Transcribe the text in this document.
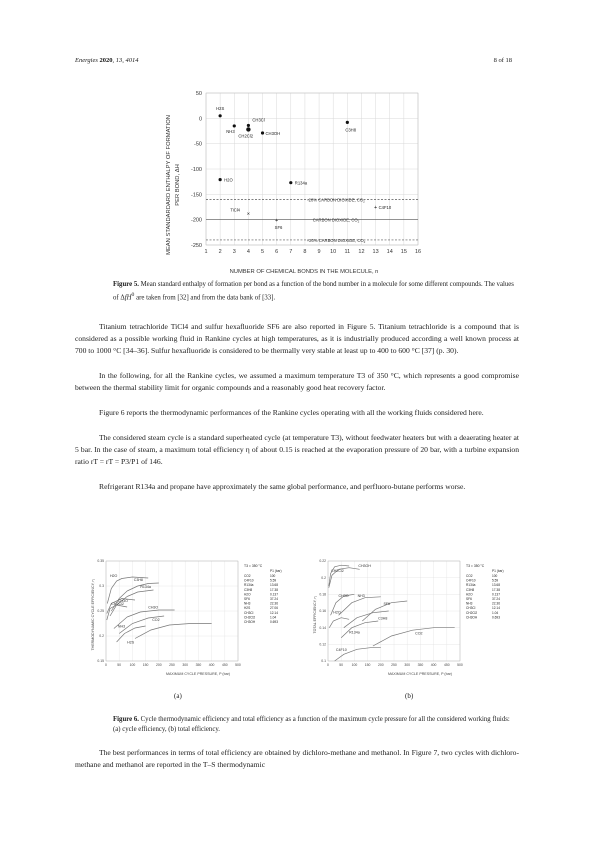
Energies 2020, 13, 4014	8 of 18
MEAN STANDARDARD ENTHALPY OF FORMATION PER BOND, ΔH
50
0
-50
-100
-150
-200
-250
1 2 3 4 5 6 7 8 9 10 11 12 13 14 15 16
-20% CARBON DIOXIDE, $CO_2$
CARBON DIOXIDE, $CO_2$
+20% CARBON DIOXIDE, $CO_2$
H2S
NH3
CH2Cl2
CH3Cl
CH3OH
C3H8
H2O
R134a
×
TiCl4
+
SF6
+ C4F10
NUMBER OF CHEMICAL BONDS IN THE MOLECULE, n
Figure 5. Mean standard enthalpy of formation per bond as a function of the bond number in a molecule for some different compounds. The values of ΔfH$^0$ are taken from [32] and from the data bank of [33].
Titanium tetrachloride TiCl4 and sulfur hexafluoride SF6 are also reported in Figure 5. Titanium tetrachloride is a compound that is considered as a possible working fluid in Rankine cycles at high temperatures, as it is industrially produced according a well known process at 700 to 1000 °C [34–36]. Sulfur hexafluoride is considered to be thermally very stable at least up to 400 to 600 °C [37] (p. 30).
In the following, for all the Rankine cycles, we assumed a maximum temperature T3 of 350 °C, which represents a good compromise between the thermal stability limit for organic compounds and a reasonably good heat recovery factor.
Figure 6 reports the thermodynamic performances of the Rankine cycles operating with all the working fluids considered here.
The considered steam cycle is a standard superheated cycle (at temperature T3), without feedwater heaters but with a deaerating heater at 5 bar. In the case of steam, a maximum total efficiency η of about 0.15 is reached at the evaporation pressure of 20 bar, with a turbine expansion ratio rT = rT = P3/P1 of 146.
Refrigerant R134a and propane have approximately the same global performance, and perfluoro-butane performs worse.
THERMODYNAMIC CYCLE EFFICIENCY, η
0.35
0.3
0.25
0.2
0.15
0	50 100 150 200 250 300 350 400 450 500
H2O
C3H8
R134a
CH2Cl2
CH3O
CH3O
NH3
CO2
H2S
T3 = 350 °C
P1 (bar)
CO2	100
C4F10	5.59
R134a	13.68
C3H8	17.38
H2O	0.137
SF6	37.24
NH3	22.36
H2S	27.06
CH3Cl	12.14
CH2Cl2	1.04
CH3OH	0.693
MAXIMUM CYCLE PRESSURE, P (bar)
(a)
TOTAL EFFICIENCY, η
0.22
0.2
0.18
0.16
0.14
0.12
0.1
0	50 100 150 200 250 300 350 400 450 500
CH2Cl2
CH3OH
CH3O	NH3
SF6
H2O
C3H8
R134a	CO2
C4F10
T3 = 350 °C
P1 (bar)
CO2	100
C4F10	5.59
R134a	13.68
C3H8	17.38
H2O	0.137
SF6	37.24
NH3	22.36
CH3Cl	12.14
CH2Cl2	1.04
CH3OH	0.693
MAXIMUM CYCLE PRESSURE, P (bar)
(b)
Figure 6. Cycle thermodynamic efficiency and total efficiency as a function of the maximum cycle pressure for all the considered working fluids: (a) cycle efficiency, (b) total efficiency.
The best performances in terms of total efficiency are obtained by dichloro-methane and methanol. In Figure 7, two cycles with dichloro-methane and methanol are reported in the T–S thermodynamic
